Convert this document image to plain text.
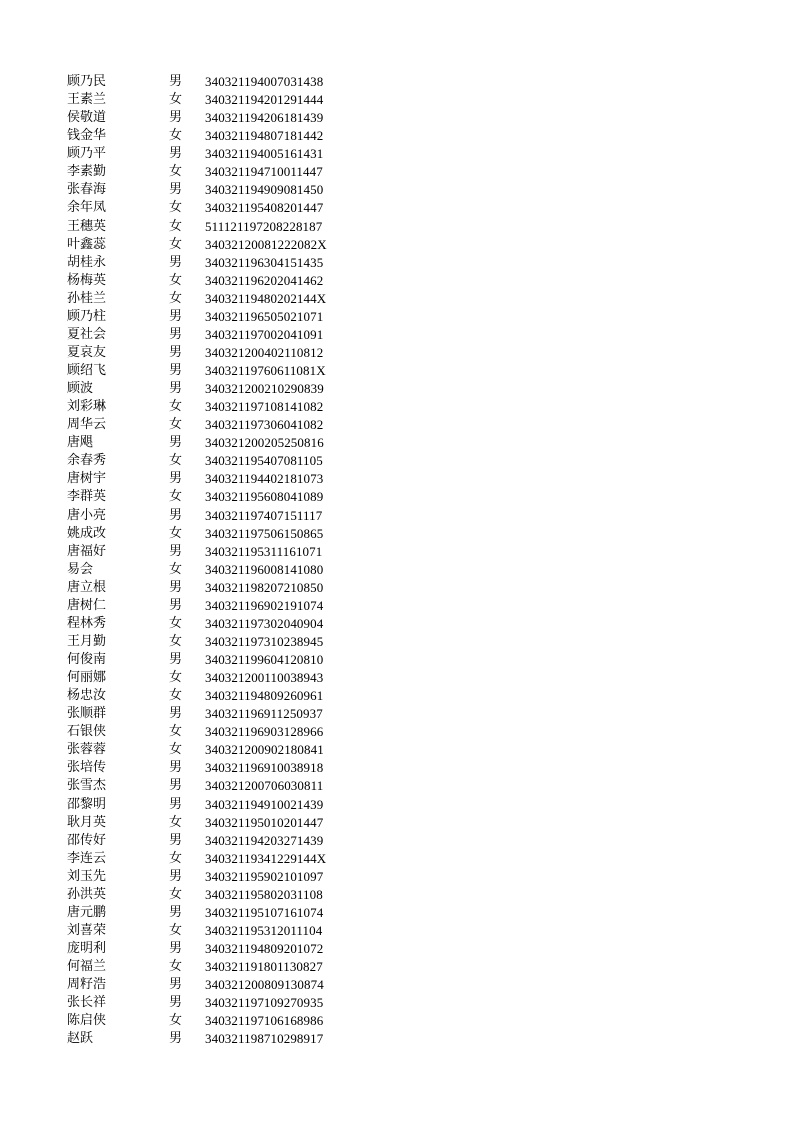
顾乃民	男	340321194007031438
王素兰	女	340321194201291444
侯敬道	男	340321194206181439
钱金华	女	340321194807181442
顾乃平	男	340321194005161431
李素勤	女	340321194710011447
张春海	男	340321194909081450
余年凤	女	340321195408201447
王穗英	女	511121197208228187
叶鑫蕊	女	34032120081222082X
胡桂永	男	340321196304151435
杨梅英	女	340321196202041462
孙桂兰	女	34032119480202144X
顾乃柱	男	340321196505021071
夏社会	男	340321197002041091
夏哀友	男	340321200402110812
顾绍飞	男	34032119760611081X
顾波	男	340321200210290839
刘彩琳	女	340321197108141082
周华云	女	340321197306041082
唐飓	男	340321200205250816
余春秀	女	340321195407081105
唐树宇	男	340321194402181073
李群英	女	340321195608041089
唐小亮	男	340321197407151117
姚成改	女	340321197506150865
唐福好	男	340321195311161071
易会	女	340321196008141080
唐立根	男	340321198207210850
唐树仁	男	340321196902191074
程林秀	女	340321197302040904
王月勤	女	340321197310238945
何俊南	男	340321199604120810
何丽娜	女	340321200110038943
杨忠汝	女	340321194809260961
张顺群	男	340321196911250937
石银侠	女	340321196903128966
张蓉蓉	女	340321200902180841
张培传	男	340321196910038918
张雪杰	男	340321200706030811
邵黎明	男	340321194910021439
耿月英	女	340321195010201447
邵传好	男	340321194203271439
李连云	女	34032119341229144X
刘玉先	男	340321195902101097
孙洪英	女	340321195802031108
唐元鹏	男	340321195107161074
刘喜荣	女	340321195312011104
庞明利	男	340321194809201072
何福兰	女	340321191801130827
周籽浩	男	340321200809130874
张长祥	男	340321197109270935
陈启侠	女	340321197106168986
赵跃	男	340321198710298917
